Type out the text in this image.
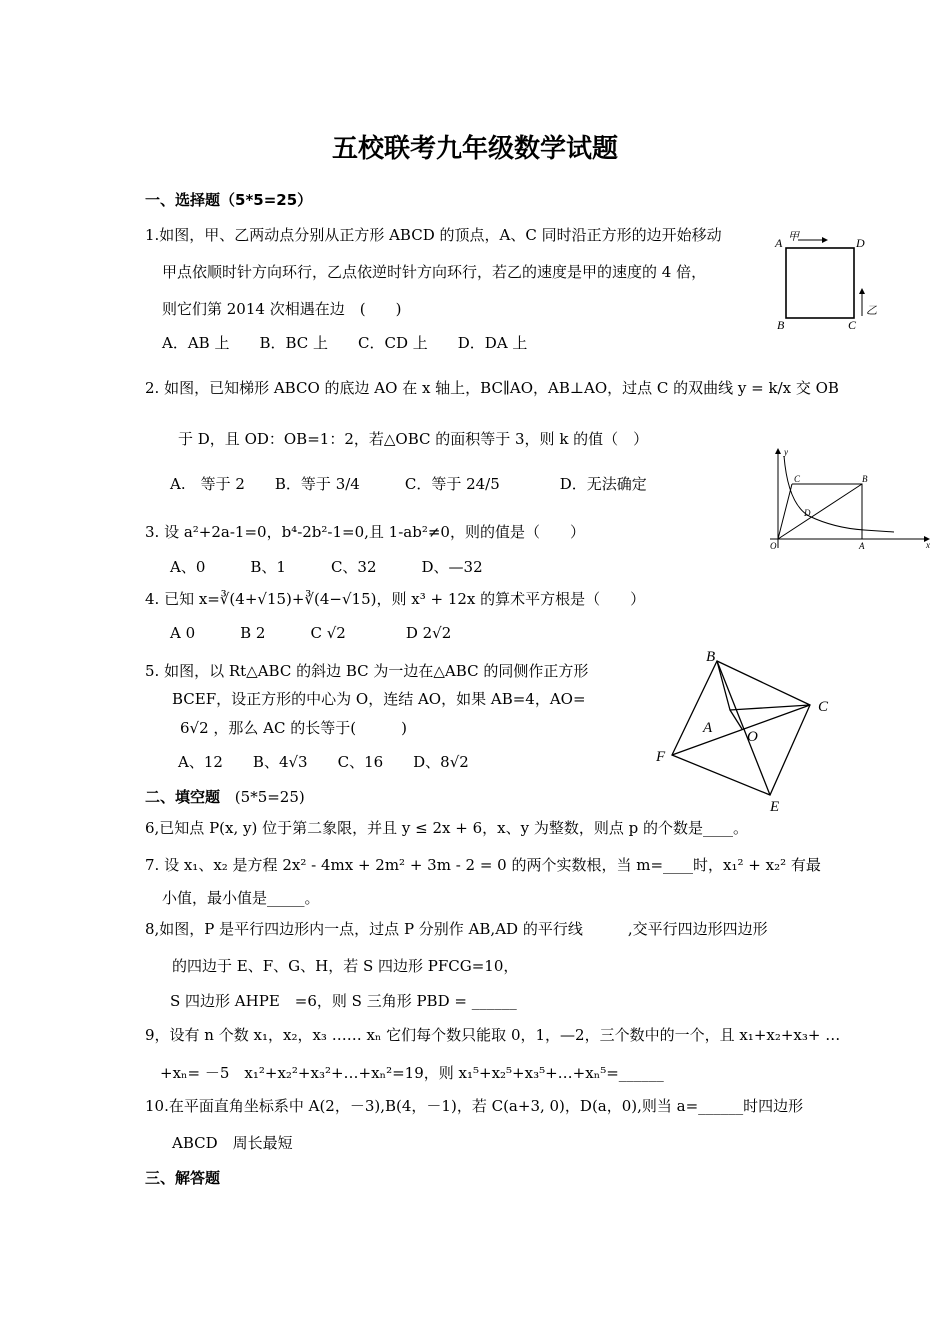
五校联考九年级数学试题
一、选择题（5*5=25）
1.如图，甲、乙两动点分别从正方形 ABCD 的顶点，A、C 同时沿正方形的边开始移动
甲点依顺时针方向环行，乙点依逆时针方向环行，若乙的速度是甲的速度的 4 倍，
则它们第 2014 次相遇在边　(　　)
A．AB 上　　B．BC 上　　C．CD 上　　D．DA 上
A	D
B	C
甲
乙
2. 如图，已知梯形 ABCO 的底边 AO 在 x 轴上，BC∥AO，AB⊥AO，过点 C 的双曲线 y = k/x 交 OB
于 D，且 OD：OB=1：2，若△OBC 的面积等于 3，则 k 的值（　）
A.　等于 2　　B．等于 3/4　　　C．等于 24/5　　　　D．无法确定
O	A
B
C
D
x
y
3. 设 a²+2a-1=0，b⁴-2b²-1=0,且 1-ab²≠0，则的值是（　　）
A、0　　　B、1　　　C、32　　　D、—32
4. 已知 x=∛(4+√15)+∛(4−√15)，则 x³ + 12x 的算术平方根是（　　）
A 0　　　B 2　　　C √2　　　　D 2√2
5. 如图，以 Rt△ABC 的斜边 BC 为一边在△ABC 的同侧作正方形
BCEF，设正方形的中心为 O，连结 AO，如果 AB=4，AO=
6√2 ，那么 AC 的长等于(　　　)
A、12　　B、4√3　　C、16　　D、8√2
B
C
E
F
A
O
二、填空题 (5*5=25)
6,已知点 P(x, y) 位于第二象限，并且 y ≤ 2x + 6，x、y 为整数，则点 p 的个数是____。
7. 设 x₁、x₂ 是方程 2x² - 4mx + 2m² + 3m - 2 = 0 的两个实数根，当 m=____时，x₁² + x₂² 有最
小值，最小值是_____。
8,如图，P 是平行四边形内一点，过点 P 分别作 AB,AD 的平行线　　　,交平行四边形四边形
的四边于 E、F、G、H，若 S 四边形 PFCG=10，
S 四边形 AHPE　=6，则 S 三角形 PBD = ______
9，设有 n 个数 x₁，x₂，x₃ …… xₙ 它们每个数只能取 0，1，—2，三个数中的一个，且 x₁+x₂+x₃+ …
+xₙ= －5　x₁²+x₂²+x₃²+…+xₙ²=19，则 x₁⁵+x₂⁵+x₃⁵+…+xₙ⁵=______
10.在平面直角坐标系中 A(2，－3),B(4，－1)，若 C(a+3, 0)，D(a，0),则当 a=______时四边形
ABCD　周长最短
三、解答题
